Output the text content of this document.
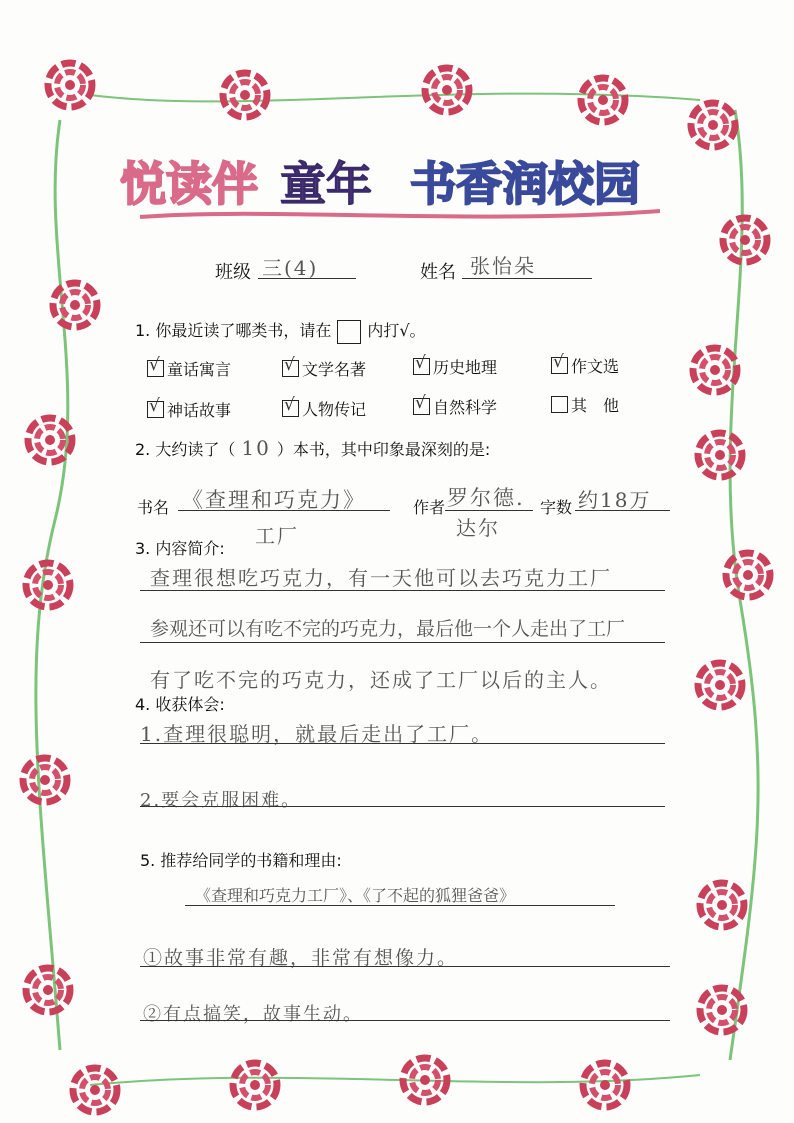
悦读伴 童年 书香润校园
班级 三(4)	姓名 张怡朵
1. 你最近读了哪类书，请在 内打√。
√ 童话寓言	√ 文学名著	√ 历史地理	√ 作文选
√ 神话故事	√ 人物传记	√ 自然科学	其　他
2. 大约读了（ 10 ）本书，其中印象最深刻的是:
书名 《查理和巧克力》
工厂
作者 罗尔德.
达尔
字数 约18万
3. 内容简介:
查理很想吃巧克力，有一天他可以去巧克力工厂
参观还可以有吃不完的巧克力，最后他一个人走出了工厂
有了吃不完的巧克力，还成了工厂以后的主人。
4. 收获体会:
1.查理很聪明，就最后走出了工厂。
2.要会克服困难。
5. 推荐给同学的书籍和理由:
《查理和巧克力工厂》、《了不起的狐狸爸爸》
①故事非常有趣，非常有想像力。
②有点搞笑，故事生动。
